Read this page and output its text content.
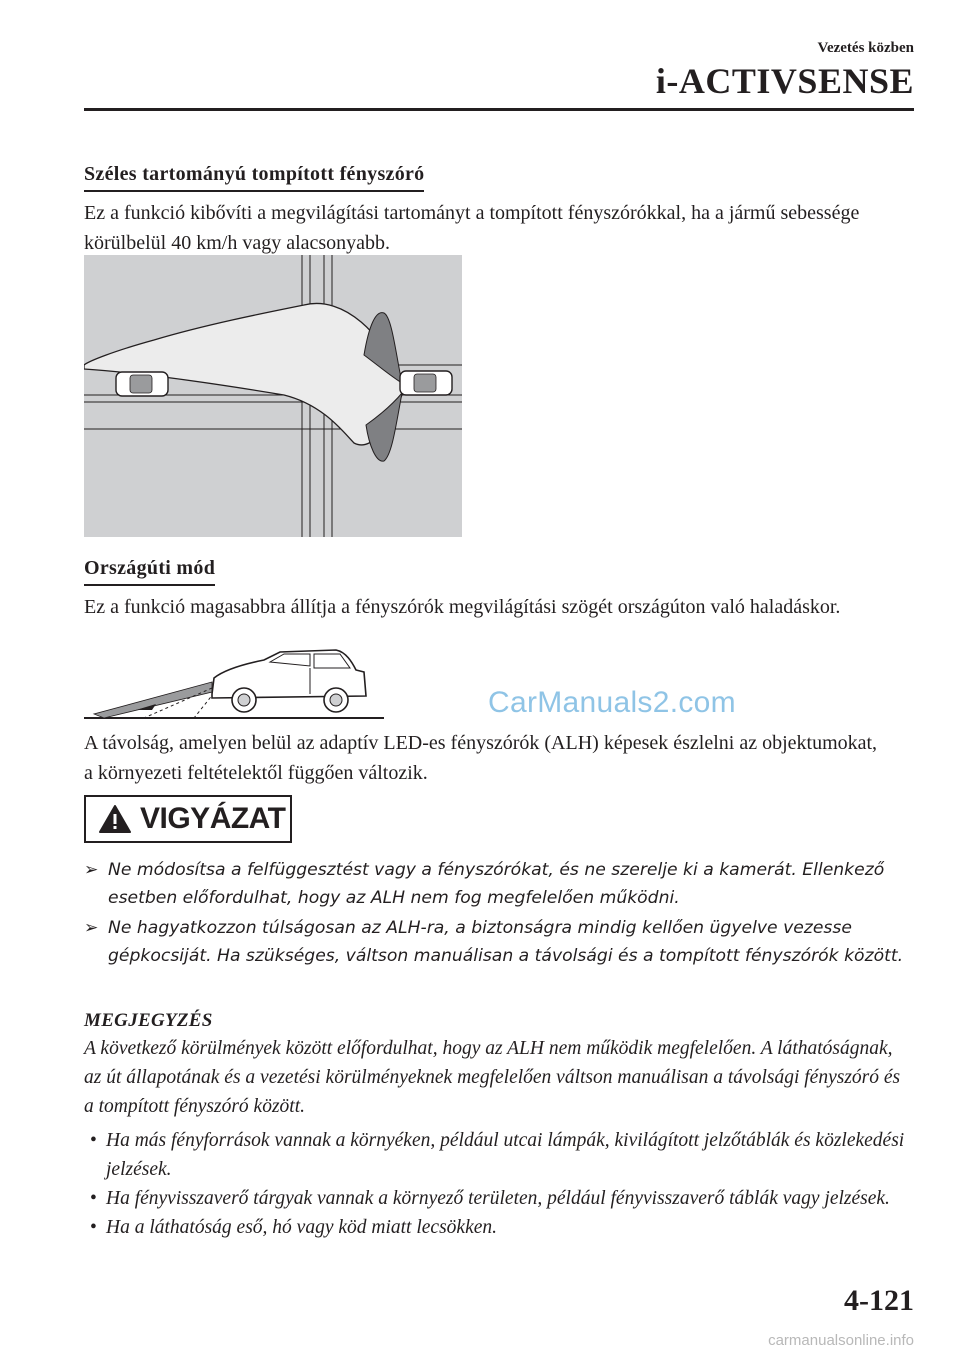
Vezetés közben
i-ACTIVSENSE
Széles tartományú tompított fényszóró

Ez a funkció kibővíti a megvilágítási tartományt a tompított fényszórókkal, ha a jármű sebessége körülbelül 40 km/h vagy alacsonyabb.

Országúti mód

Ez a funkció magasabbra állítja a fényszórók megvilágítási szögét országúton való haladáskor.

CarManuals2.com

A távolság, amelyen belül az adaptív LED-es fényszórók (ALH) képesek észlelni az objektumokat, a környezeti feltételektől függően változik.

VIGYÁZAT
➢ Ne módosítsa a felfüggesztést vagy a fényszórókat, és ne szerelje ki a kamerát. Ellenkező esetben előfordulhat, hogy az ALH nem fog megfelelően működni.
➢ Ne hagyatkozzon túlságosan az ALH-ra, a biztonságra mindig kellően ügyelve vezesse gépkocsiját. Ha szükséges, váltson manuálisan a távolsági és a tompított fényszórók között.
MEGJEGYZÉS

A következő körülmények között előfordulhat, hogy az ALH nem működik megfelelően. A láthatóságnak, az út állapotának és a vezetési körülményeknek megfelelően váltson manuálisan a távolsági fényszóró és a tompított fényszóró között.

• Ha más fényforrások vannak a környéken, például utcai lámpák, kivilágított jelzőtáblák és közlekedési jelzések.
• Ha fényvisszaverő tárgyak vannak a környező területen, például fényvisszaverő táblák vagy jelzések.
• Ha a láthatóság eső, hó vagy köd miatt lecsökken.
4-121
carmanualsonline.info
